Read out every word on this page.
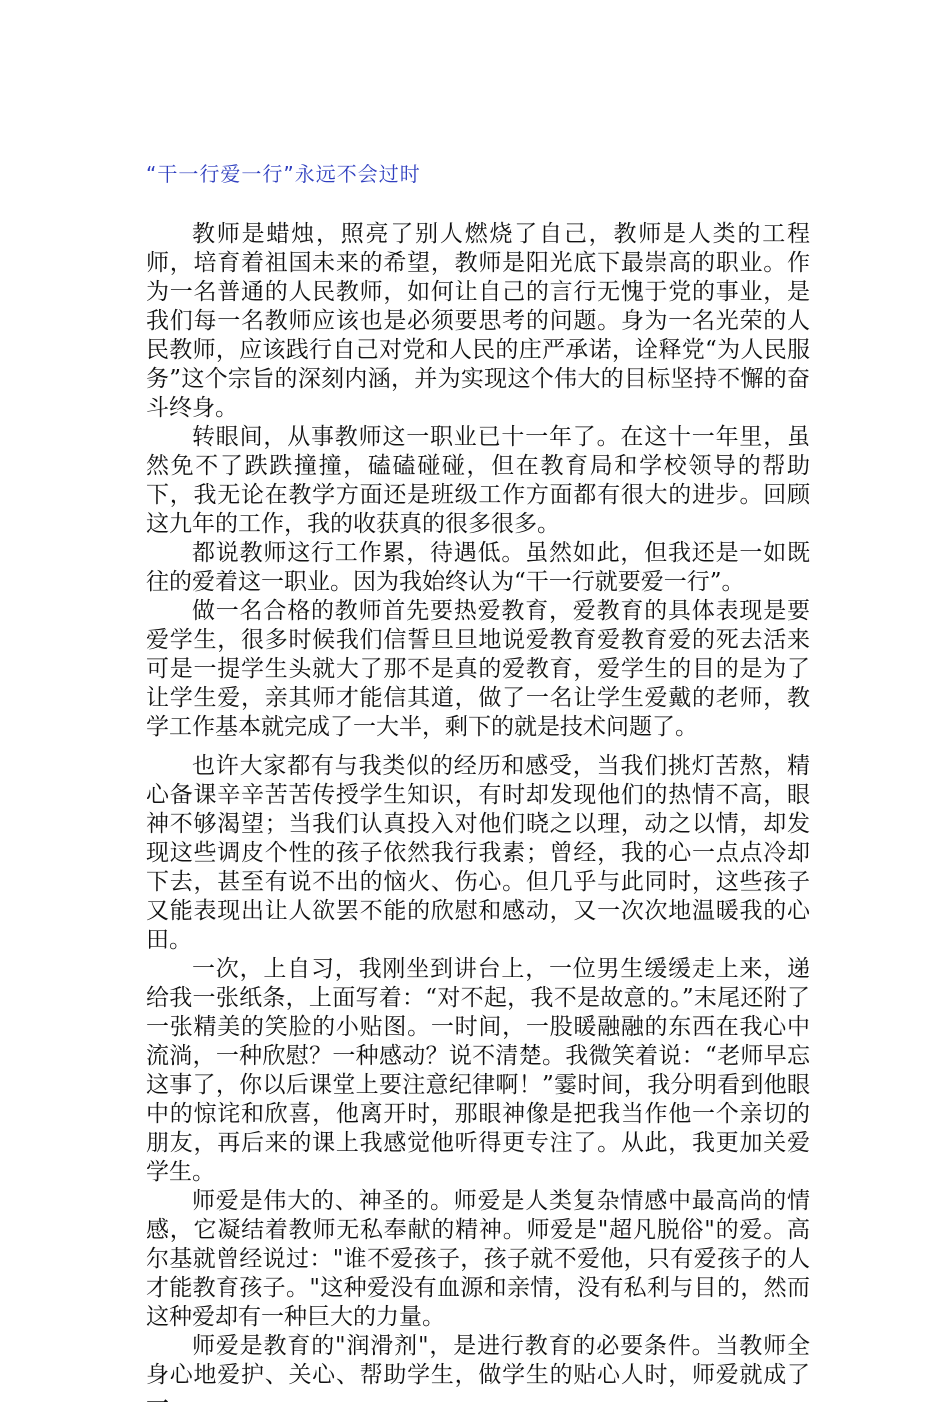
“干一行爱一行”永远不会过时

教师是蜡烛，照亮了别人燃烧了自己，教师是人类的工程师，培育着祖国未来的希望，教师是阳光底下最崇高的职业。作为一名普通的人民教师，如何让自己的言行无愧于党的事业，是我们每一名教师应该也是必须要思考的问题。身为一名光荣的人民教师，应该践行自己对党和人民的庄严承诺，诠释党“为人民服务”这个宗旨的深刻内涵，并为实现这个伟大的目标坚持不懈的奋斗终身。

转眼间，从事教师这一职业已十一年了。在这十一年里，虽然免不了跌跌撞撞，磕磕碰碰，但在教育局和学校领导的帮助下，我无论在教学方面还是班级工作方面都有很大的进步。回顾这九年的工作，我的收获真的很多很多。

都说教师这行工作累，待遇低。虽然如此，但我还是一如既往的爱着这一职业。因为我始终认为“干一行就要爱一行”。

做一名合格的教师首先要热爱教育，爱教育的具体表现是要爱学生，很多时候我们信誓旦旦地说爱教育爱教育爱的死去活来可是一提学生头就大了那不是真的爱教育，爱学生的目的是为了让学生爱，亲其师才能信其道，做了一名让学生爱戴的老师，教学工作基本就完成了一大半，剩下的就是技术问题了。

也许大家都有与我类似的经历和感受，当我们挑灯苦熬，精心备课辛辛苦苦传授学生知识，有时却发现他们的热情不高，眼神不够渴望；当我们认真投入对他们晓之以理，动之以情，却发现这些调皮个性的孩子依然我行我素；曾经，我的心一点点冷却下去，甚至有说不出的恼火、伤心。但几乎与此同时，这些孩子又能表现出让人欲罢不能的欣慰和感动，又一次次地温暖我的心田。

一次，上自习，我刚坐到讲台上，一位男生缓缓走上来，递给我一张纸条，上面写着：“对不起，我不是故意的。”末尾还附了一张精美的笑脸的小贴图。一时间，一股暖融融的东西在我心中流淌，一种欣慰？一种感动？说不清楚。我微笑着说：“老师早忘这事了，你以后课堂上要注意纪律啊！”霎时间，我分明看到他眼中的惊诧和欣喜，他离开时，那眼神像是把我当作他一个亲切的朋友，再后来的课上我感觉他听得更专注了。从此，我更加关爱学生。

师爱是伟大的、神圣的。师爱是人类复杂情感中最高尚的情感，它凝结着教师无私奉献的精神。师爱是"超凡脱俗"的爱。高尔基就曾经说过："谁不爱孩子，孩子就不爱他，只有爱孩子的人才能教育孩子。"这种爱没有血源和亲情，没有私利与目的，然而这种爱却有一种巨大的力量。

师爱是教育的"润滑剂"，是进行教育的必要条件。当教师全身心地爱护、关心、帮助学生，做学生的贴心人时，师爱就成了一
